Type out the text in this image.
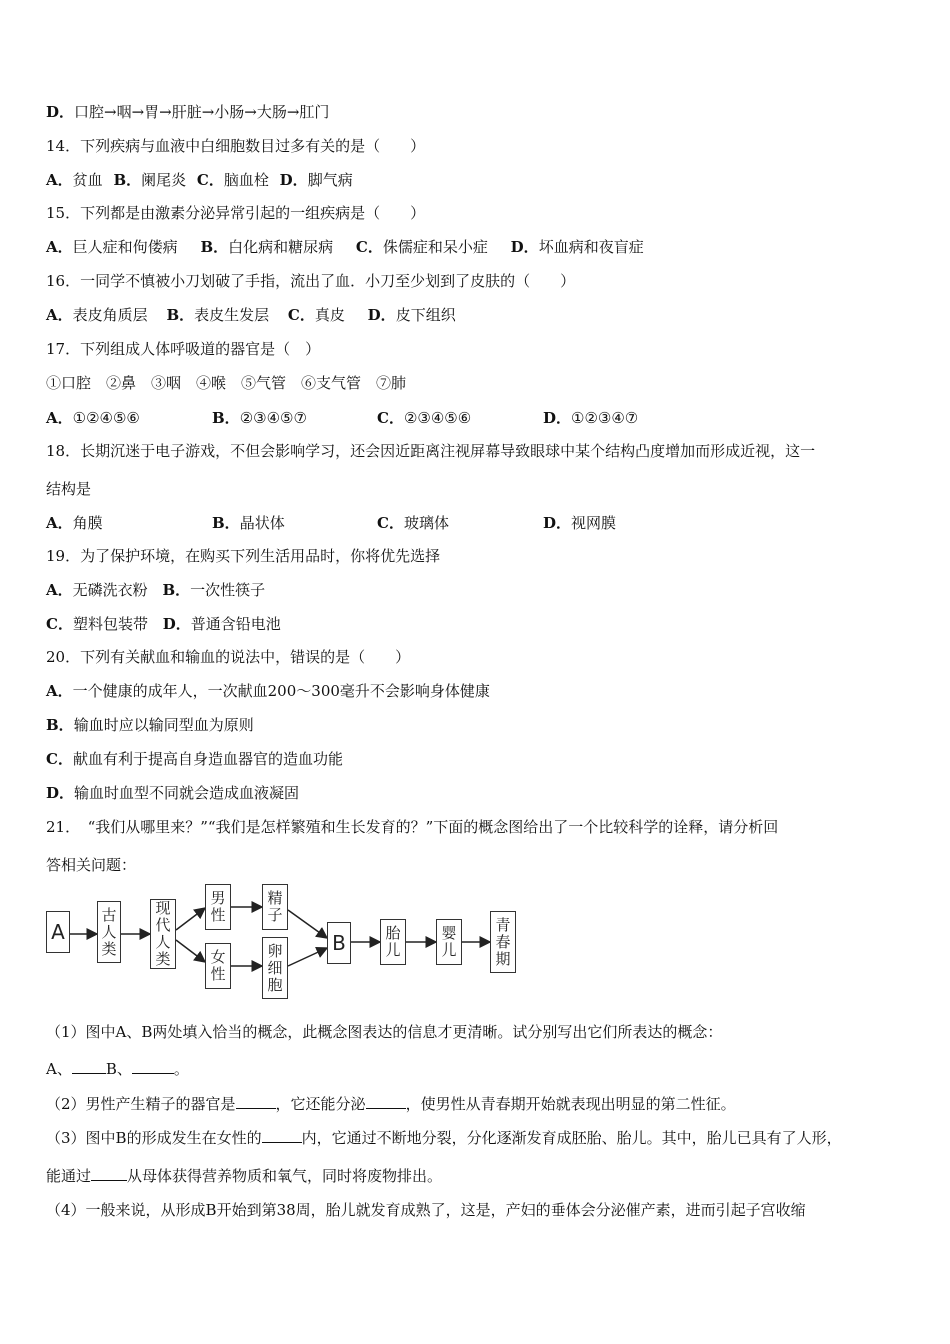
D．口腔→咽→胃→肝脏→小肠→大肠→肛门
14．下列疾病与血液中白细胞数目过多有关的是（　　）
A．贫血 B．阑尾炎 C．脑血栓 D．脚气病
15．下列都是由激素分泌异常引起的一组疾病是（　　）
A．巨人症和佝偻病 B．白化病和糖尿病 C．侏儒症和呆小症 D．坏血病和夜盲症
16．一同学不慎被小刀划破了手指，流出了血．小刀至少划到了皮肤的（　　）
A．表皮角质层 B．表皮生发层 C．真皮 D．皮下组织
17．下列组成人体呼吸道的器官是（　）
①口腔　②鼻　③咽　④喉　⑤气管　⑥支气管　⑦肺
A．①②④⑤⑥	B．②③④⑤⑦	C．②③④⑤⑥	D．①②③④⑦
18．长期沉迷于电子游戏，不但会影响学习，还会因近距离注视屏幕导致眼球中某个结构凸度增加而形成近视，这一
结构是
A．角膜	B．晶状体	C．玻璃体	D．视网膜
19．为了保护环境，在购买下列生活用品时，你将优先选择
A．无磷洗衣粉 B．一次性筷子
C．塑料包装带 D．普通含铅电池
20．下列有关献血和输血的说法中，错误的是（　　）
A．一个健康的成年人，一次献血200～300毫升不会影响身体健康
B．输血时应以输同型血为原则
C．献血有利于提高自身造血器官的造血功能
D．输血时血型不同就会造成血液凝固
21．　“我们从哪里来？”“我们是怎样繁殖和生长发育的？”下面的概念图给出了一个比较科学的诠释，请分析回
答相关问题：
A
古
人
类
现
代
人
类
男
性
女
性
精
子
卵
细
胞
B	胎
儿
婴
儿
青
春
期
（1）图中A、B两处填入恰当的概念，此概念图表达的信息才更清晰。试分别写出它们所表达的概念：
A、 B、	。
（2）男性产生精子的器官是	，它还能分泌	，使男性从青春期开始就表现出明显的第二性征。
（3）图中B的形成发生在女性的	内，它通过不断地分裂，分化逐渐发育成胚胎、胎儿。其中，胎儿已具有了人形，
能通过 从母体获得营养物质和氧气，同时将废物排出。
（4）一般来说，从形成B开始到第38周，胎儿就发育成熟了，这是，产妇的垂体会分泌催产素，进而引起子宫收缩
